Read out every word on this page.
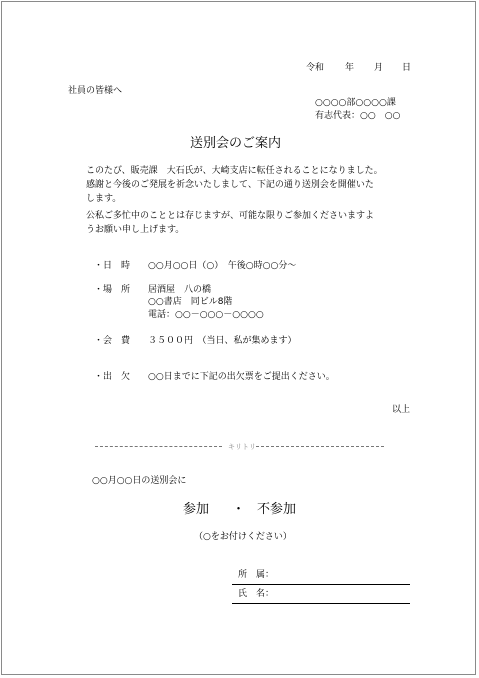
令和 年 月 日
社員の皆様へ
○○○○部○○○○課
有志代表：○○　○○
送別会のご案内
このたび、販売課　大石氏が、大崎支店に転任されることになりました。
感謝と今後のご発展を祈念いたしまして、下記の通り送別会を開催いた
します。
公私ご多忙中のこととは存じますが、可能な限りご参加くださいますよ
うお願い申し上げます。
・日　時 ○○月○○日（○）　午後○時○○分～
・場　所 居酒屋　八の橋
○○書店　同ビル8階
電話：○○－○○○－○○○○
・会　費 ３５００円　（当日、私が集めます）
・出　欠 ○○日までに下記の出欠票をご提出ください。
以上
キリトリ
○○月○○日の送別会に
参加 ・ 不参加
（○をお付けください）
所　属：
氏　名：
